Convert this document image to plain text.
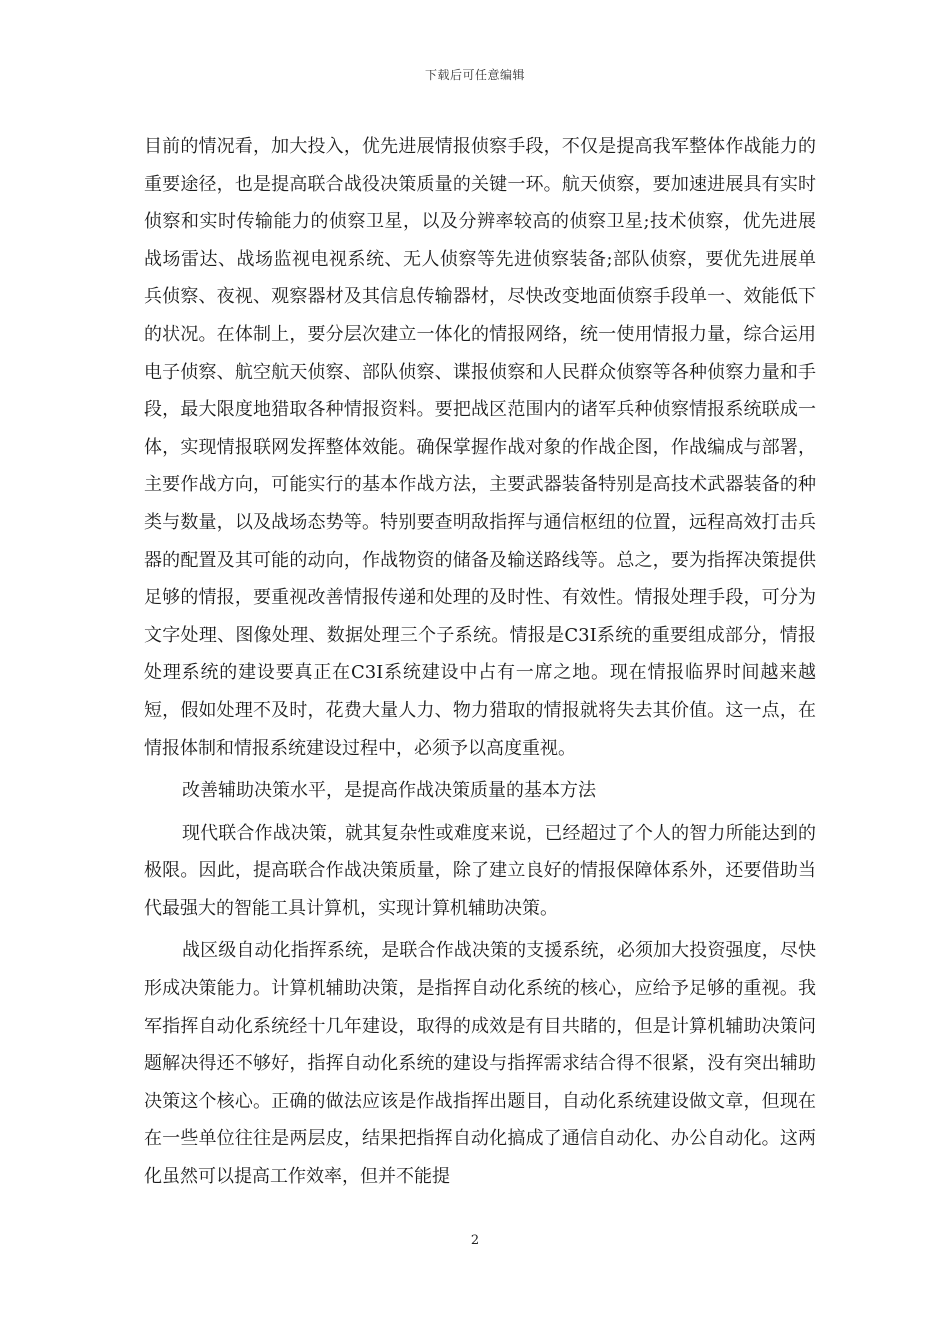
下载后可任意编辑

目前的情况看，加大投入，优先进展情报侦察手段，不仅是提高我军整体作战能力的重要途径，也是提高联合战役决策质量的关键一环。航天侦察，要加速进展具有实时侦察和实时传输能力的侦察卫星，以及分辨率较高的侦察卫星;技术侦察，优先进展战场雷达、战场监视电视系统、无人侦察等先进侦察装备;部队侦察，要优先进展单兵侦察、夜视、观察器材及其信息传输器材，尽快改变地面侦察手段单一、效能低下的状况。在体制上，要分层次建立一体化的情报网络，统一使用情报力量，综合运用电子侦察、航空航天侦察、部队侦察、谍报侦察和人民群众侦察等各种侦察力量和手段，最大限度地猎取各种情报资料。要把战区范围内的诸军兵种侦察情报系统联成一体，实现情报联网发挥整体效能。确保掌握作战对象的作战企图，作战编成与部署，主要作战方向，可能实行的基本作战方法，主要武器装备特别是高技术武器装备的种类与数量，以及战场态势等。特别要查明敌指挥与通信枢纽的位置，远程高效打击兵器的配置及其可能的动向，作战物资的储备及输送路线等。总之，要为指挥决策提供足够的情报，要重视改善情报传递和处理的及时性、有效性。情报处理手段，可分为文字处理、图像处理、数据处理三个子系统。情报是C3I系统的重要组成部分，情报处理系统的建设要真正在C3I系统建设中占有一席之地。现在情报临界时间越来越短，假如处理不及时，花费大量人力、物力猎取的情报就将失去其价值。这一点，在情报体制和情报系统建设过程中，必须予以高度重视。

改善辅助决策水平，是提高作战决策质量的基本方法

现代联合作战决策，就其复杂性或难度来说，已经超过了个人的智力所能达到的极限。因此，提高联合作战决策质量，除了建立良好的情报保障体系外，还要借助当代最强大的智能工具计算机，实现计算机辅助决策。

战区级自动化指挥系统，是联合作战决策的支援系统，必须加大投资强度，尽快形成决策能力。计算机辅助决策，是指挥自动化系统的核心，应给予足够的重视。我军指挥自动化系统经十几年建设，取得的成效是有目共睹的，但是计算机辅助决策问题解决得还不够好，指挥自动化系统的建设与指挥需求结合得不很紧，没有突出辅助决策这个核心。正确的做法应该是作战指挥出题目，自动化系统建设做文章，但现在在一些单位往往是两层皮，结果把指挥自动化搞成了通信自动化、办公自动化。这两化虽然可以提高工作效率，但并不能提

2
